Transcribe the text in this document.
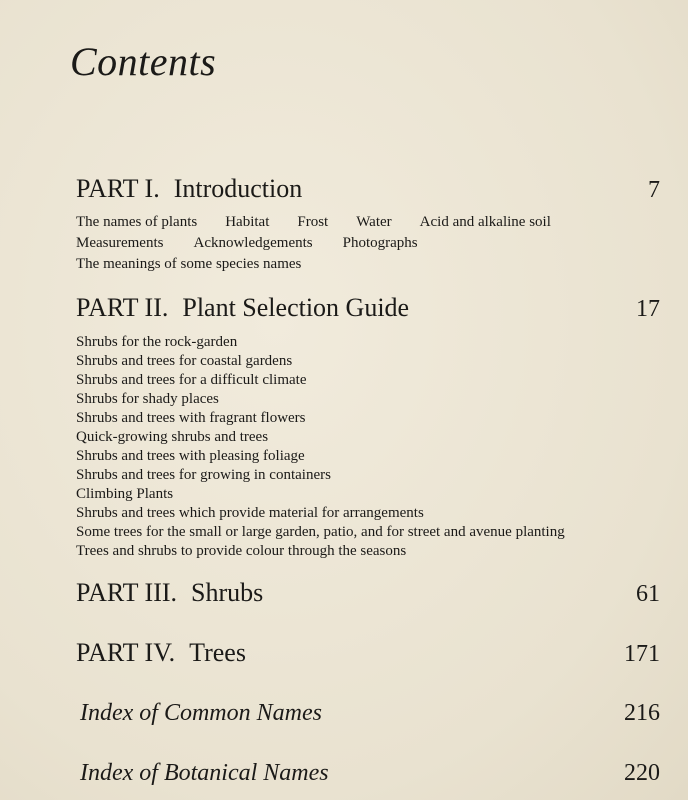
Contents
PART I. Introduction	7
The names of plants Habitat Frost Water Acid and alkaline soil
Measurements Acknowledgements Photographs
The meanings of some species names
PART II. Plant Selection Guide	17
Shrubs for the rock-garden
Shrubs and trees for coastal gardens
Shrubs and trees for a difficult climate
Shrubs for shady places
Shrubs and trees with fragrant flowers
Quick-growing shrubs and trees
Shrubs and trees with pleasing foliage
Shrubs and trees for growing in containers
Climbing Plants
Shrubs and trees which provide material for arrangements
Some trees for the small or large garden, patio, and for street and avenue planting
Trees and shrubs to provide colour through the seasons
PART III. Shrubs	61
PART IV. Trees	171
Index of Common Names	216
Index of Botanical Names	220
